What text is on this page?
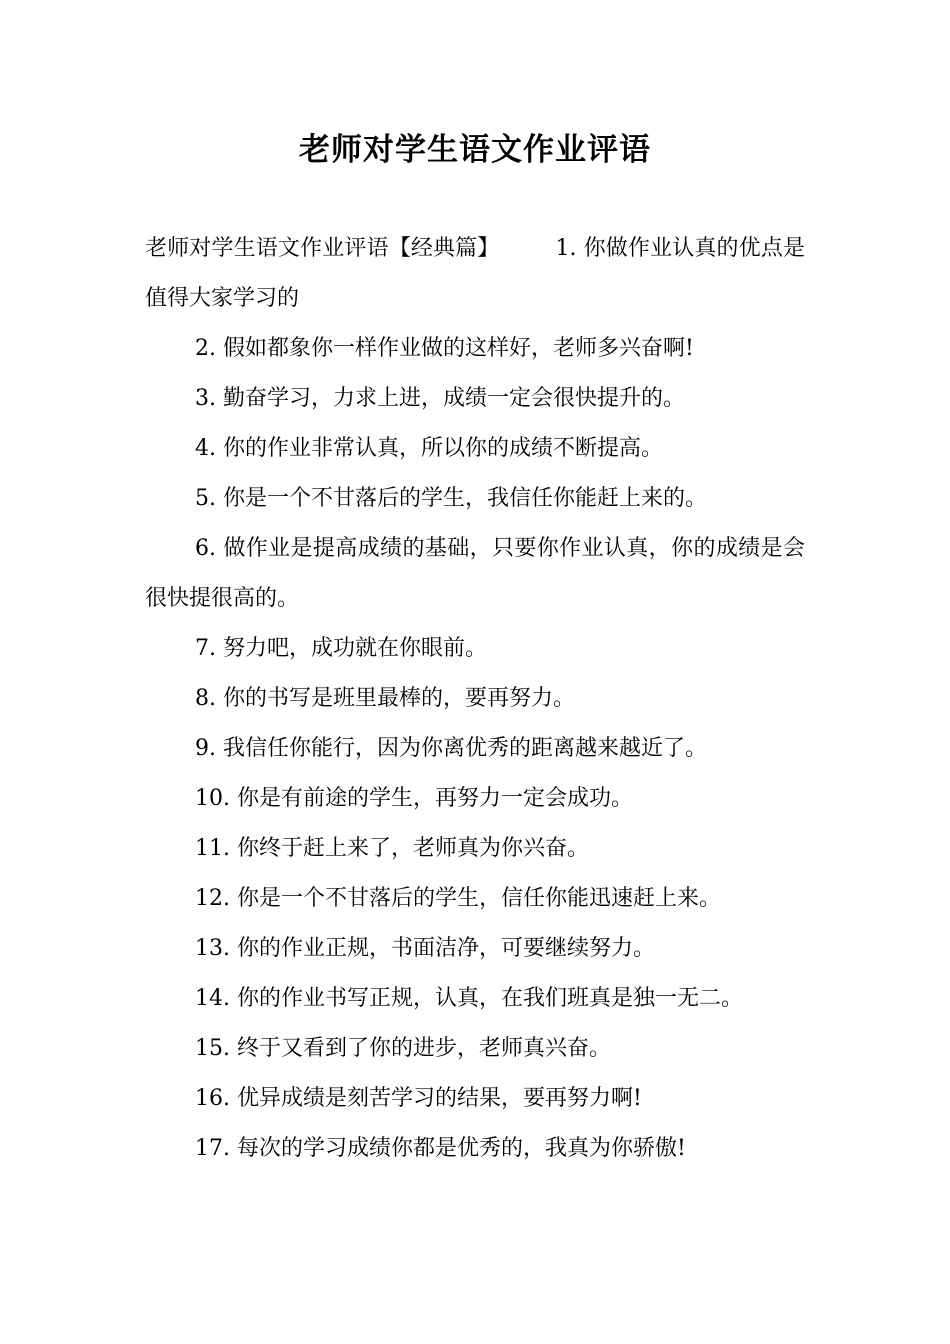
老师对学生语文作业评语

老师对学生语文作业评语【经典篇】	1. 你做作业认真的优点是值得大家学习的

2. 假如都象你一样作业做的这样好，老师多兴奋啊!

3. 勤奋学习，力求上进，成绩一定会很快提升的。

4. 你的作业非常认真，所以你的成绩不断提高。

5. 你是一个不甘落后的学生，我信任你能赶上来的。

6. 做作业是提高成绩的基础，只要你作业认真，你的成绩是会很快提很高的。

7. 努力吧，成功就在你眼前。

8. 你的书写是班里最棒的，要再努力。

9. 我信任你能行，因为你离优秀的距离越来越近了。

10. 你是有前途的学生，再努力一定会成功。

11. 你终于赶上来了，老师真为你兴奋。

12. 你是一个不甘落后的学生，信任你能迅速赶上来。

13. 你的作业正规，书面洁净，可要继续努力。

14. 你的作业书写正规，认真，在我们班真是独一无二。

15. 终于又看到了你的进步，老师真兴奋。

16. 优异成绩是刻苦学习的结果，要再努力啊!

17. 每次的学习成绩你都是优秀的，我真为你骄傲!
